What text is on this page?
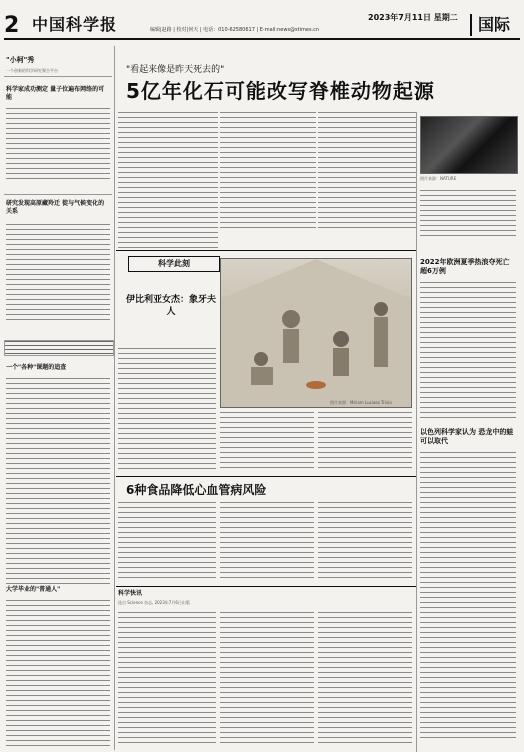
2 中国科学报	2023年7月11日 星期二
编辑|赵路 | 校对|何天 | 电话：010-62580617 | E-mail:news@stimes.cn	国际
"小柯"秀
一个创新的科学研究聚合平台
科学家成功测定 量子位遍布网络的可能
研究发现高原藏羚迁 徙与气候变化的关系
一个"各种"课题的追查
大学毕业的"普通人"
"看起来像是昨天死去的"
5亿年化石可能改写脊椎动物起源
图片来源：NATURE
科学此刻
伊比利亚女杰：象牙夫人
图片来源：Miriam Luciaez Trivio
2022年欧洲夏季热浪夺死亡超6万例
以色列科学家认为 恐龙中的蛙可以取代
6种食品降低心血管病风险
科学快讯
选自 Science 杂志, 2023年7月6日出版
